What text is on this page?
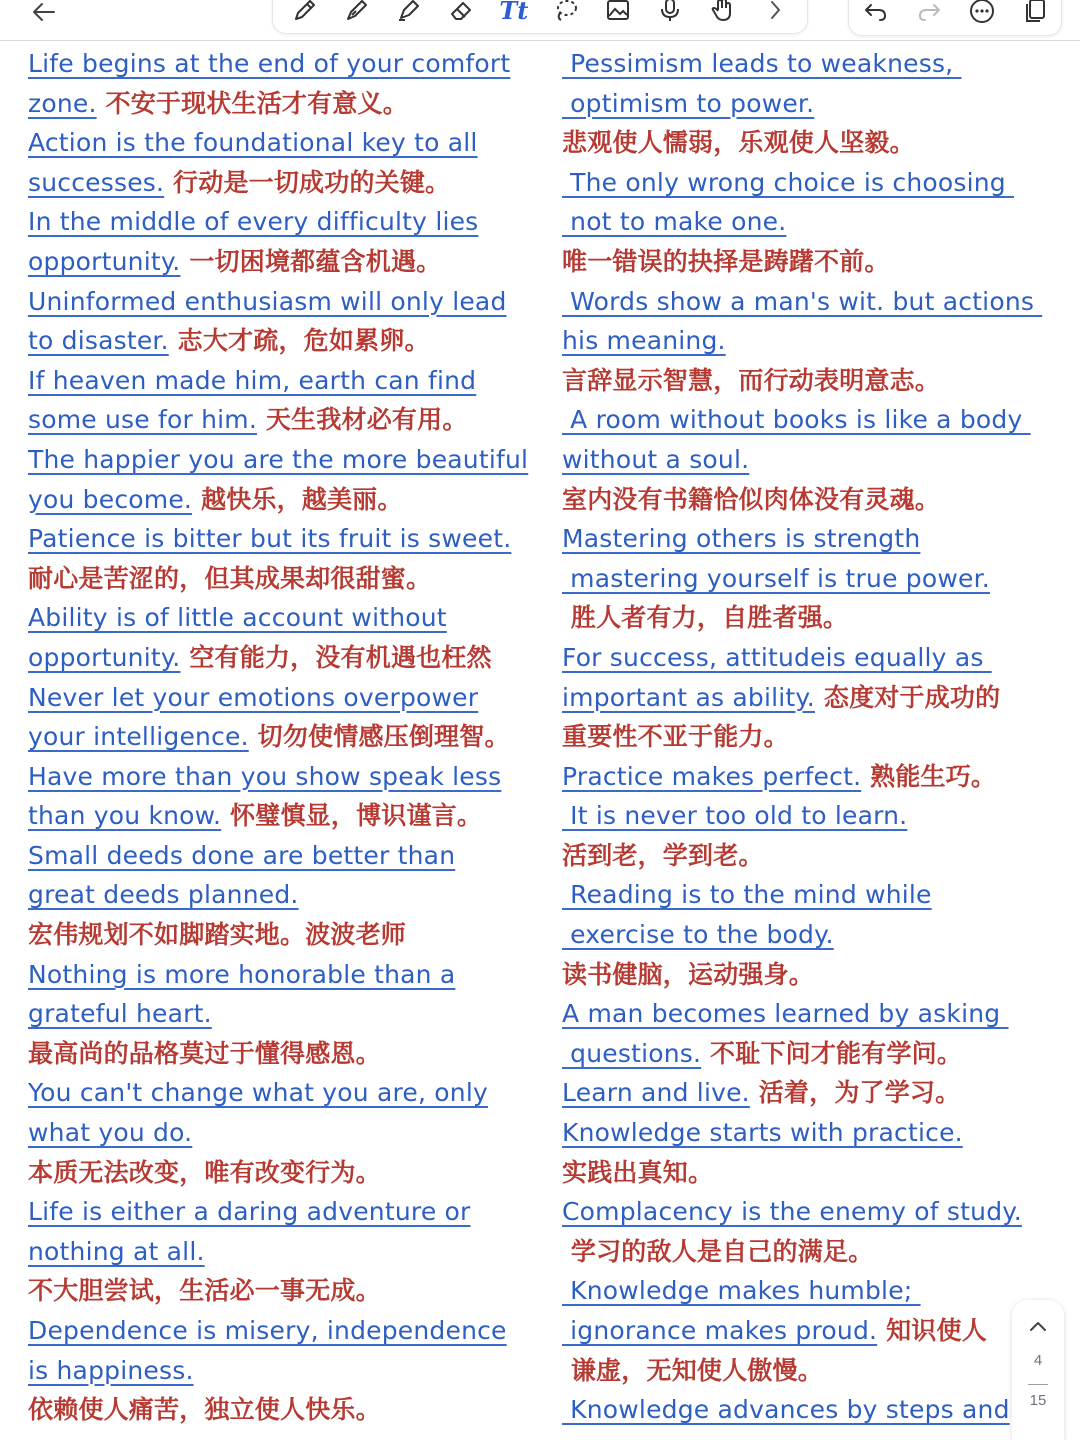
Tt
Life begins at the end of your comfort
zone. 不安于现状生活才有意义。
Action is the foundational key to all
successes. 行动是一切成功的关键。
In the middle of every difficulty lies
opportunity. 一切困境都蕴含机遇。
Uninformed enthusiasm will only lead
to disaster. 志大才疏，危如累卵。
If heaven made him, earth can find
some use for him. 天生我材必有用。
The happier you are the more beautiful
you become. 越快乐，越美丽。
Patience is bitter but its fruit is sweet.
耐心是苦涩的，但其成果却很甜蜜。
Ability is of little account without
opportunity. 空有能力，没有机遇也枉然
Never let your emotions overpower
your intelligence. 切勿使情感压倒理智。
Have more than you show speak less
than you know. 怀璧慎显，博识谨言。
Small deeds done are better than
great deeds planned.
宏伟规划不如脚踏实地。波波老师
Nothing is more honorable than a
grateful heart.
最高尚的品格莫过于懂得感恩。
You can't change what you are, only
what you do.
本质无法改变，唯有改变行为。
Life is either a daring adventure or
nothing at all.
不大胆尝试，生活必一事无成。
Dependence is misery, independence
is happiness.
依赖使人痛苦，独立使人快乐。
Pessimism leads to weakness,
optimism to power.
悲观使人懦弱，乐观使人坚毅。
The only wrong choice is choosing
not to make one.
唯一错误的抉择是踌躇不前。
Words show a man's wit. but actions
his meaning.
言辞显示智慧，而行动表明意志。
A room without books is like a body
without a soul.
室内没有书籍恰似肉体没有灵魂。
Mastering others is strength
mastering yourself is true power.
胜人者有力，自胜者强。
For success, attitudeis equally as
important as ability. 态度对于成功的
重要性不亚于能力。
Practice makes perfect. 熟能生巧。
It is never too old to learn.
活到老，学到老。
Reading is to the mind while
exercise to the body.
读书健脑，运动强身。
A man becomes learned by asking
questions. 不耻下问才能有学问。
Learn and live. 活着，为了学习。
Knowledge starts with practice.
实践出真知。
Complacency is the enemy of study.
学习的敌人是自己的满足。
Knowledge makes humble;
ignorance makes proud. 知识使人
谦虚，无知使人傲慢。
Knowledge advances by steps and
4
15
